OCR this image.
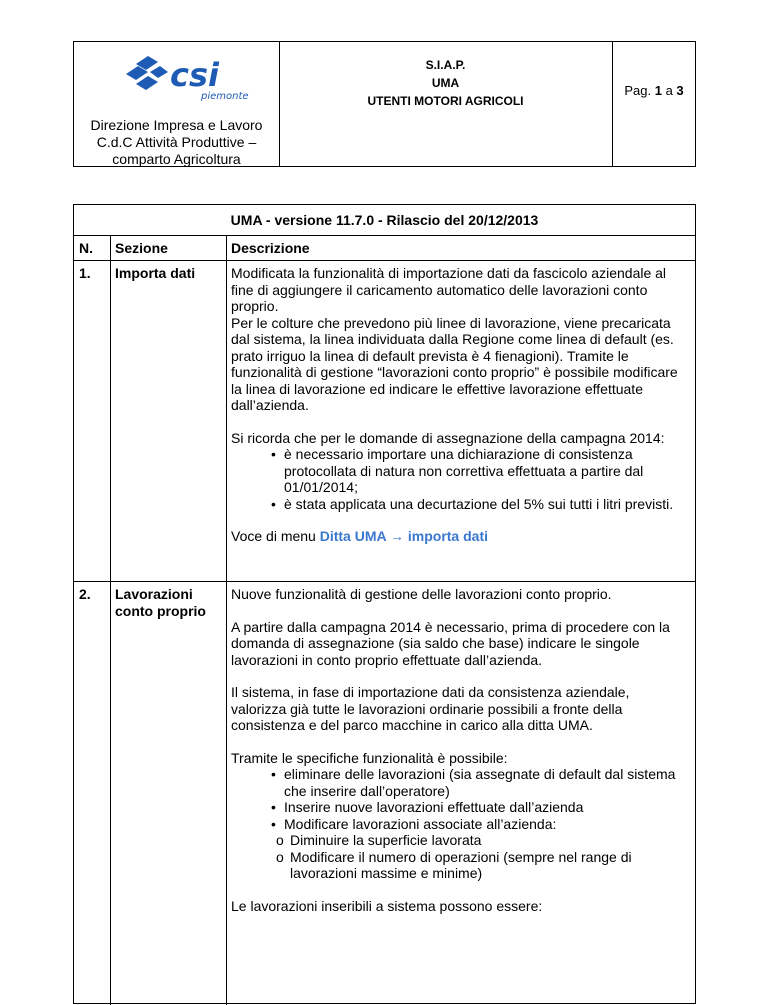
csi
piemonte
Direzione Impresa e Lavoro
C.d.C Attività Produttive –
comparto Agricoltura
S.I.A.P.
UMA
UTENTI MOTORI AGRICOLI
Pag. 1 a 3
UMA - versione 11.7.0 - Rilascio del 20/12/2013
N. Sezione	Descrizione
1. Importa dati	Modificata la funzionalità di importazione dati da fascicolo aziendale al fine di aggiungere il caricamento automatico delle lavorazioni conto proprio.

Per le colture che prevedono più linee di lavorazione, viene precaricata dal sistema, la linea individuata dalla Regione come linea di default (es. prato irriguo la linea di default prevista è 4 fienagioni). Tramite le funzionalità di gestione “lavorazioni conto proprio” è possibile modificare la linea di lavorazione ed indicare le effettive lavorazione effettuate dall’azienda.

Si ricorda che per le domande di assegnazione della campagna 2014:

• è necessario importare una dichiarazione di consistenza protocollata di natura non correttiva effettuata a partire dal 01/01/2014;
• è stata applicata una decurtazione del 5% sui tutti i litri previsti.

Voce di menu Ditta UMA → importa dati

2. Lavorazioni conto proprio

Nuove funzionalità di gestione delle lavorazioni conto proprio.

A partire dalla campagna 2014 è necessario, prima di procedere con la domanda di assegnazione (sia saldo che base) indicare le singole lavorazioni in conto proprio effettuate dall’azienda.

Il sistema, in fase di importazione dati da consistenza aziendale, valorizza già tutte le lavorazioni ordinarie possibili a fronte della consistenza e del parco macchine in carico alla ditta UMA.

Tramite le specifiche funzionalità è possibile:

• eliminare delle lavorazioni (sia assegnate di default dal sistema che inserire dall’operatore)
• Inserire nuove lavorazioni effettuate dall’azienda
• Modificare lavorazioni associate all’azienda:
o Diminuire la superficie lavorata
o Modificare il numero di operazioni (sempre nel range di lavorazioni massime e minime)

Le lavorazioni inseribili a sistema possono essere:
